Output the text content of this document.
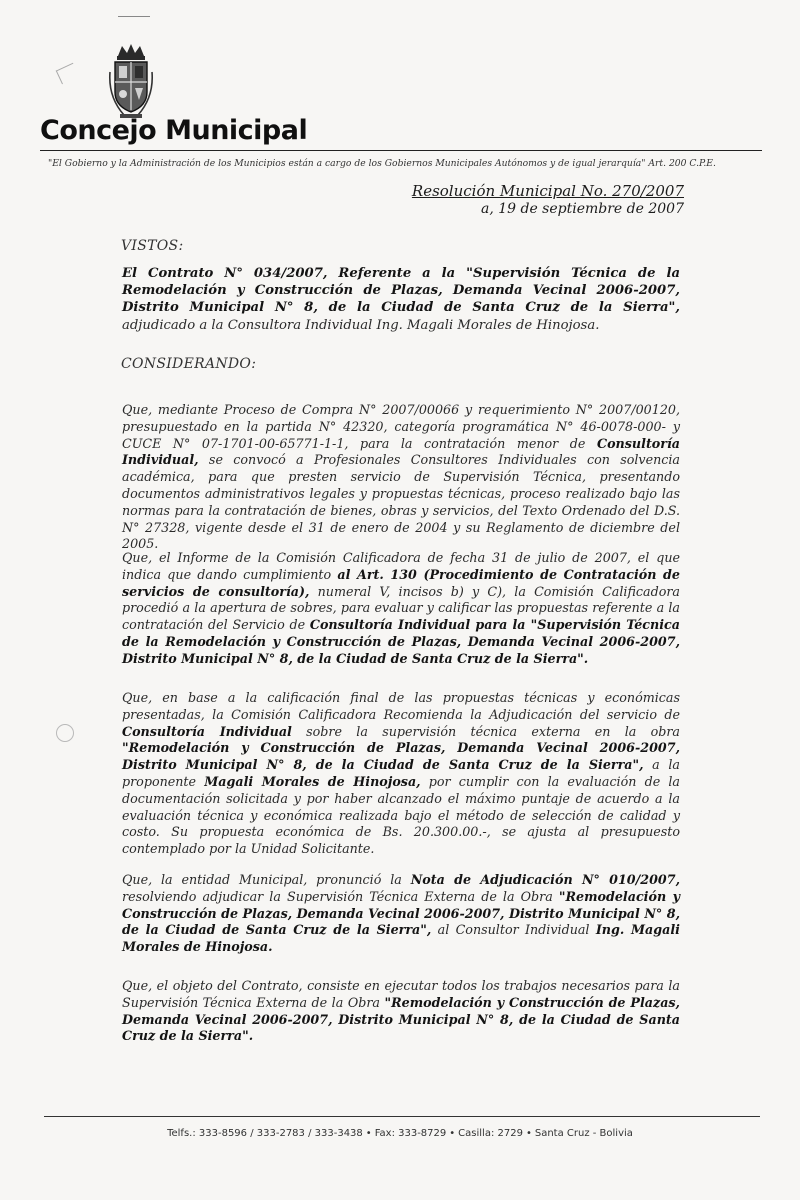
Concejo Municipal
"El Gobierno y la Administración de los Municipios están a cargo de los Gobiernos Municipales Autónomos y de igual jerarquía" Art. 200 C.P.E.
Resolución Municipal No. 270/2007
a, 19 de septiembre de 2007
VISTOS:
El Contrato N° 034/2007, Referente a la "Supervisión Técnica de la Remodelación y Construcción de Plazas, Demanda Vecinal 2006-2007, Distrito Municipal N° 8, de la Ciudad de Santa Cruz de la Sierra", adjudicado a la Consultora Individual Ing. Magali Morales de Hinojosa.
CONSIDERANDO:
Que, mediante Proceso de Compra N° 2007/00066 y requerimiento N° 2007/00120, presupuestado en la partida N° 42320, categoría programática N° 46-0078-000- y CUCE N° 07-1701-00-65771-1-1, para la contratación menor de Consultoría Individual, se convocó a Profesionales Consultores Individuales con solvencia académica, para que presten servicio de Supervisión Técnica, presentando documentos administrativos legales y propuestas técnicas, proceso realizado bajo las normas para la contratación de bienes, obras y servicios, del Texto Ordenado del D.S. N° 27328, vigente desde el 31 de enero de 2004 y su Reglamento de diciembre del 2005.
Que, el Informe de la Comisión Calificadora de fecha 31 de julio de 2007, el que indica que dando cumplimiento al Art. 130 (Procedimiento de Contratación de servicios de consultoría), numeral V, incisos b) y C), la Comisión Calificadora procedió a la apertura de sobres, para evaluar y calificar las propuestas referente a la contratación del Servicio de Consultoría Individual para la "Supervisión Técnica de la Remodelación y Construcción de Plazas, Demanda Vecinal 2006-2007, Distrito Municipal N° 8, de la Ciudad de Santa Cruz de la Sierra".
Que, en base a la calificación final de las propuestas técnicas y económicas presentadas, la Comisión Calificadora Recomienda la Adjudicación del servicio de Consultoría Individual sobre la supervisión técnica externa en la obra "Remodelación y Construcción de Plazas, Demanda Vecinal 2006-2007, Distrito Municipal N° 8, de la Ciudad de Santa Cruz de la Sierra", a la proponente Magali Morales de Hinojosa, por cumplir con la evaluación de la documentación solicitada y por haber alcanzado el máximo puntaje de acuerdo a la evaluación técnica y económica realizada bajo el método de selección de calidad y costo. Su propuesta económica de Bs. 20.300.00.-, se ajusta al presupuesto contemplado por la Unidad Solicitante.
Que, la entidad Municipal, pronunció la Nota de Adjudicación N° 010/2007, resolviendo adjudicar la Supervisión Técnica Externa de la Obra "Remodelación y Construcción de Plazas, Demanda Vecinal 2006-2007, Distrito Municipal N° 8, de la Ciudad de Santa Cruz de la Sierra", al Consultor Individual Ing. Magali Morales de Hinojosa.
Que, el objeto del Contrato, consiste en ejecutar todos los trabajos necesarios para la Supervisión Técnica Externa de la Obra "Remodelación y Construcción de Plazas, Demanda Vecinal 2006-2007, Distrito Municipal N° 8, de la Ciudad de Santa Cruz de la Sierra".
Telfs.: 333-8596 / 333-2783 / 333-3438 • Fax: 333-8729 • Casilla: 2729 • Santa Cruz - Bolivia
